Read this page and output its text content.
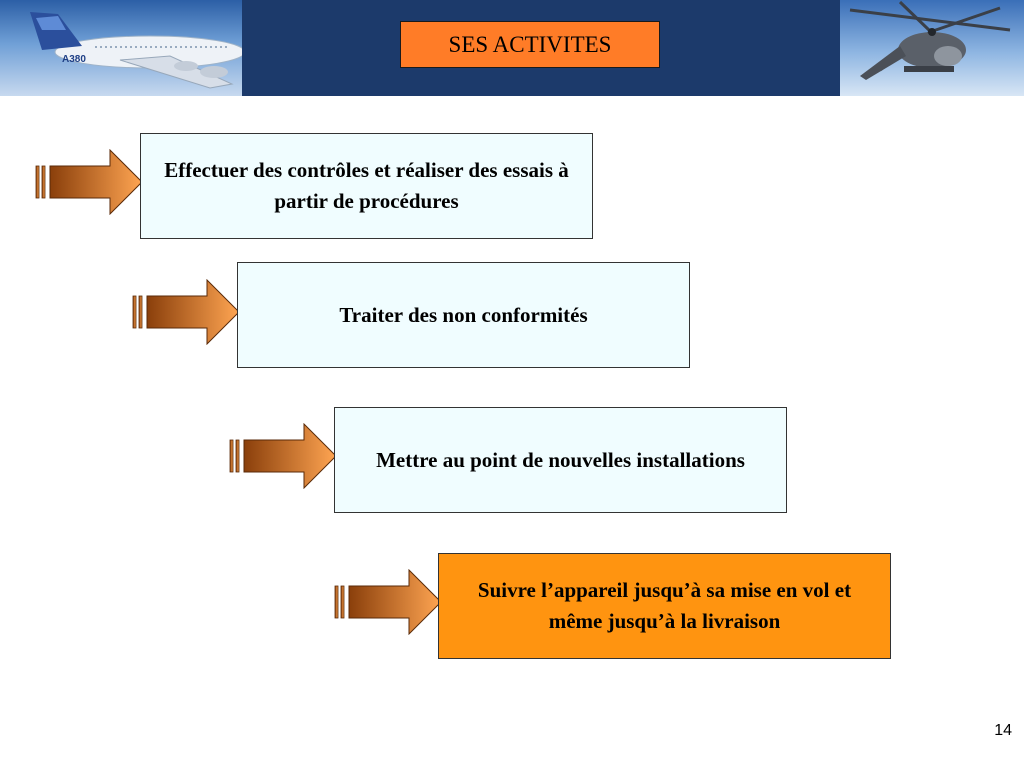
A380
SES ACTIVITES
Effectuer des contrôles et réaliser des essais à partir de procédures
Traiter des non conformités
Mettre au point de nouvelles installations
Suivre l’appareil jusqu’à sa mise en vol et même jusqu’à la livraison
14
